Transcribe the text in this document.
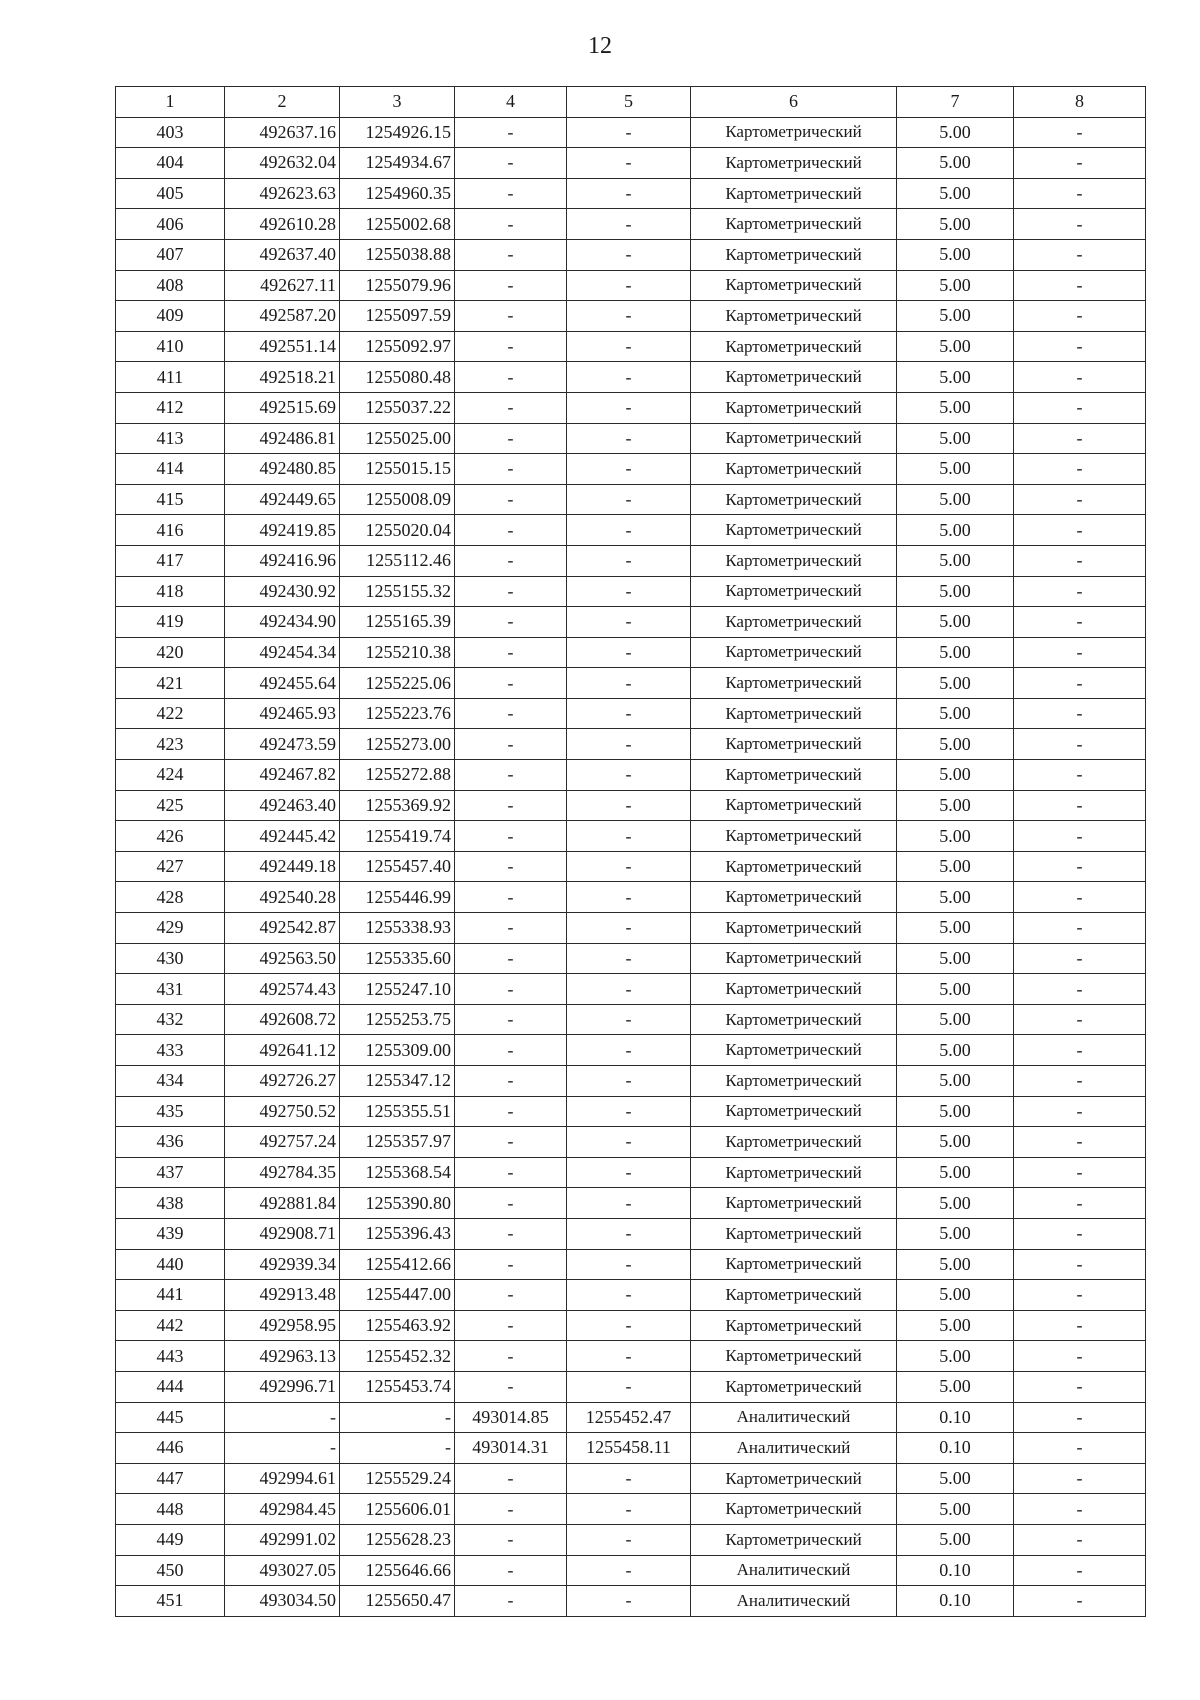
12
1	2	3	4	5	6	7	8
403	492637.16	1254926.15	-	-	Картометрический	5.00	-
404	492632.04	1254934.67	-	-	Картометрический	5.00	-
405	492623.63	1254960.35	-	-	Картометрический	5.00	-
406	492610.28	1255002.68	-	-	Картометрический	5.00	-
407	492637.40	1255038.88	-	-	Картометрический	5.00	-
408	492627.11	1255079.96	-	-	Картометрический	5.00	-
409	492587.20	1255097.59	-	-	Картометрический	5.00	-
410	492551.14	1255092.97	-	-	Картометрический	5.00	-
411	492518.21	1255080.48	-	-	Картометрический	5.00	-
412	492515.69	1255037.22	-	-	Картометрический	5.00	-
413	492486.81	1255025.00	-	-	Картометрический	5.00	-
414	492480.85	1255015.15	-	-	Картометрический	5.00	-
415	492449.65	1255008.09	-	-	Картометрический	5.00	-
416	492419.85	1255020.04	-	-	Картометрический	5.00	-
417	492416.96	1255112.46	-	-	Картометрический	5.00	-
418	492430.92	1255155.32	-	-	Картометрический	5.00	-
419	492434.90	1255165.39	-	-	Картометрический	5.00	-
420	492454.34	1255210.38	-	-	Картометрический	5.00	-
421	492455.64	1255225.06	-	-	Картометрический	5.00	-
422	492465.93	1255223.76	-	-	Картометрический	5.00	-
423	492473.59	1255273.00	-	-	Картометрический	5.00	-
424	492467.82	1255272.88	-	-	Картометрический	5.00	-
425	492463.40	1255369.92	-	-	Картометрический	5.00	-
426	492445.42	1255419.74	-	-	Картометрический	5.00	-
427	492449.18	1255457.40	-	-	Картометрический	5.00	-
428	492540.28	1255446.99	-	-	Картометрический	5.00	-
429	492542.87	1255338.93	-	-	Картометрический	5.00	-
430	492563.50	1255335.60	-	-	Картометрический	5.00	-
431	492574.43	1255247.10	-	-	Картометрический	5.00	-
432	492608.72	1255253.75	-	-	Картометрический	5.00	-
433	492641.12	1255309.00	-	-	Картометрический	5.00	-
434	492726.27	1255347.12	-	-	Картометрический	5.00	-
435	492750.52	1255355.51	-	-	Картометрический	5.00	-
436	492757.24	1255357.97	-	-	Картометрический	5.00	-
437	492784.35	1255368.54	-	-	Картометрический	5.00	-
438	492881.84	1255390.80	-	-	Картометрический	5.00	-
439	492908.71	1255396.43	-	-	Картометрический	5.00	-
440	492939.34	1255412.66	-	-	Картометрический	5.00	-
441	492913.48	1255447.00	-	-	Картометрический	5.00	-
442	492958.95	1255463.92	-	-	Картометрический	5.00	-
443	492963.13	1255452.32	-	-	Картометрический	5.00	-
444	492996.71	1255453.74	-	-	Картометрический	5.00	-
445	-	-	493014.85	1255452.47	Аналитический	0.10	-
446	-	-	493014.31	1255458.11	Аналитический	0.10	-
447	492994.61	1255529.24	-	-	Картометрический	5.00	-
448	492984.45	1255606.01	-	-	Картометрический	5.00	-
449	492991.02	1255628.23	-	-	Картометрический	5.00	-
450	493027.05	1255646.66	-	-	Аналитический	0.10	-
451	493034.50	1255650.47	-	-	Аналитический	0.10	-
